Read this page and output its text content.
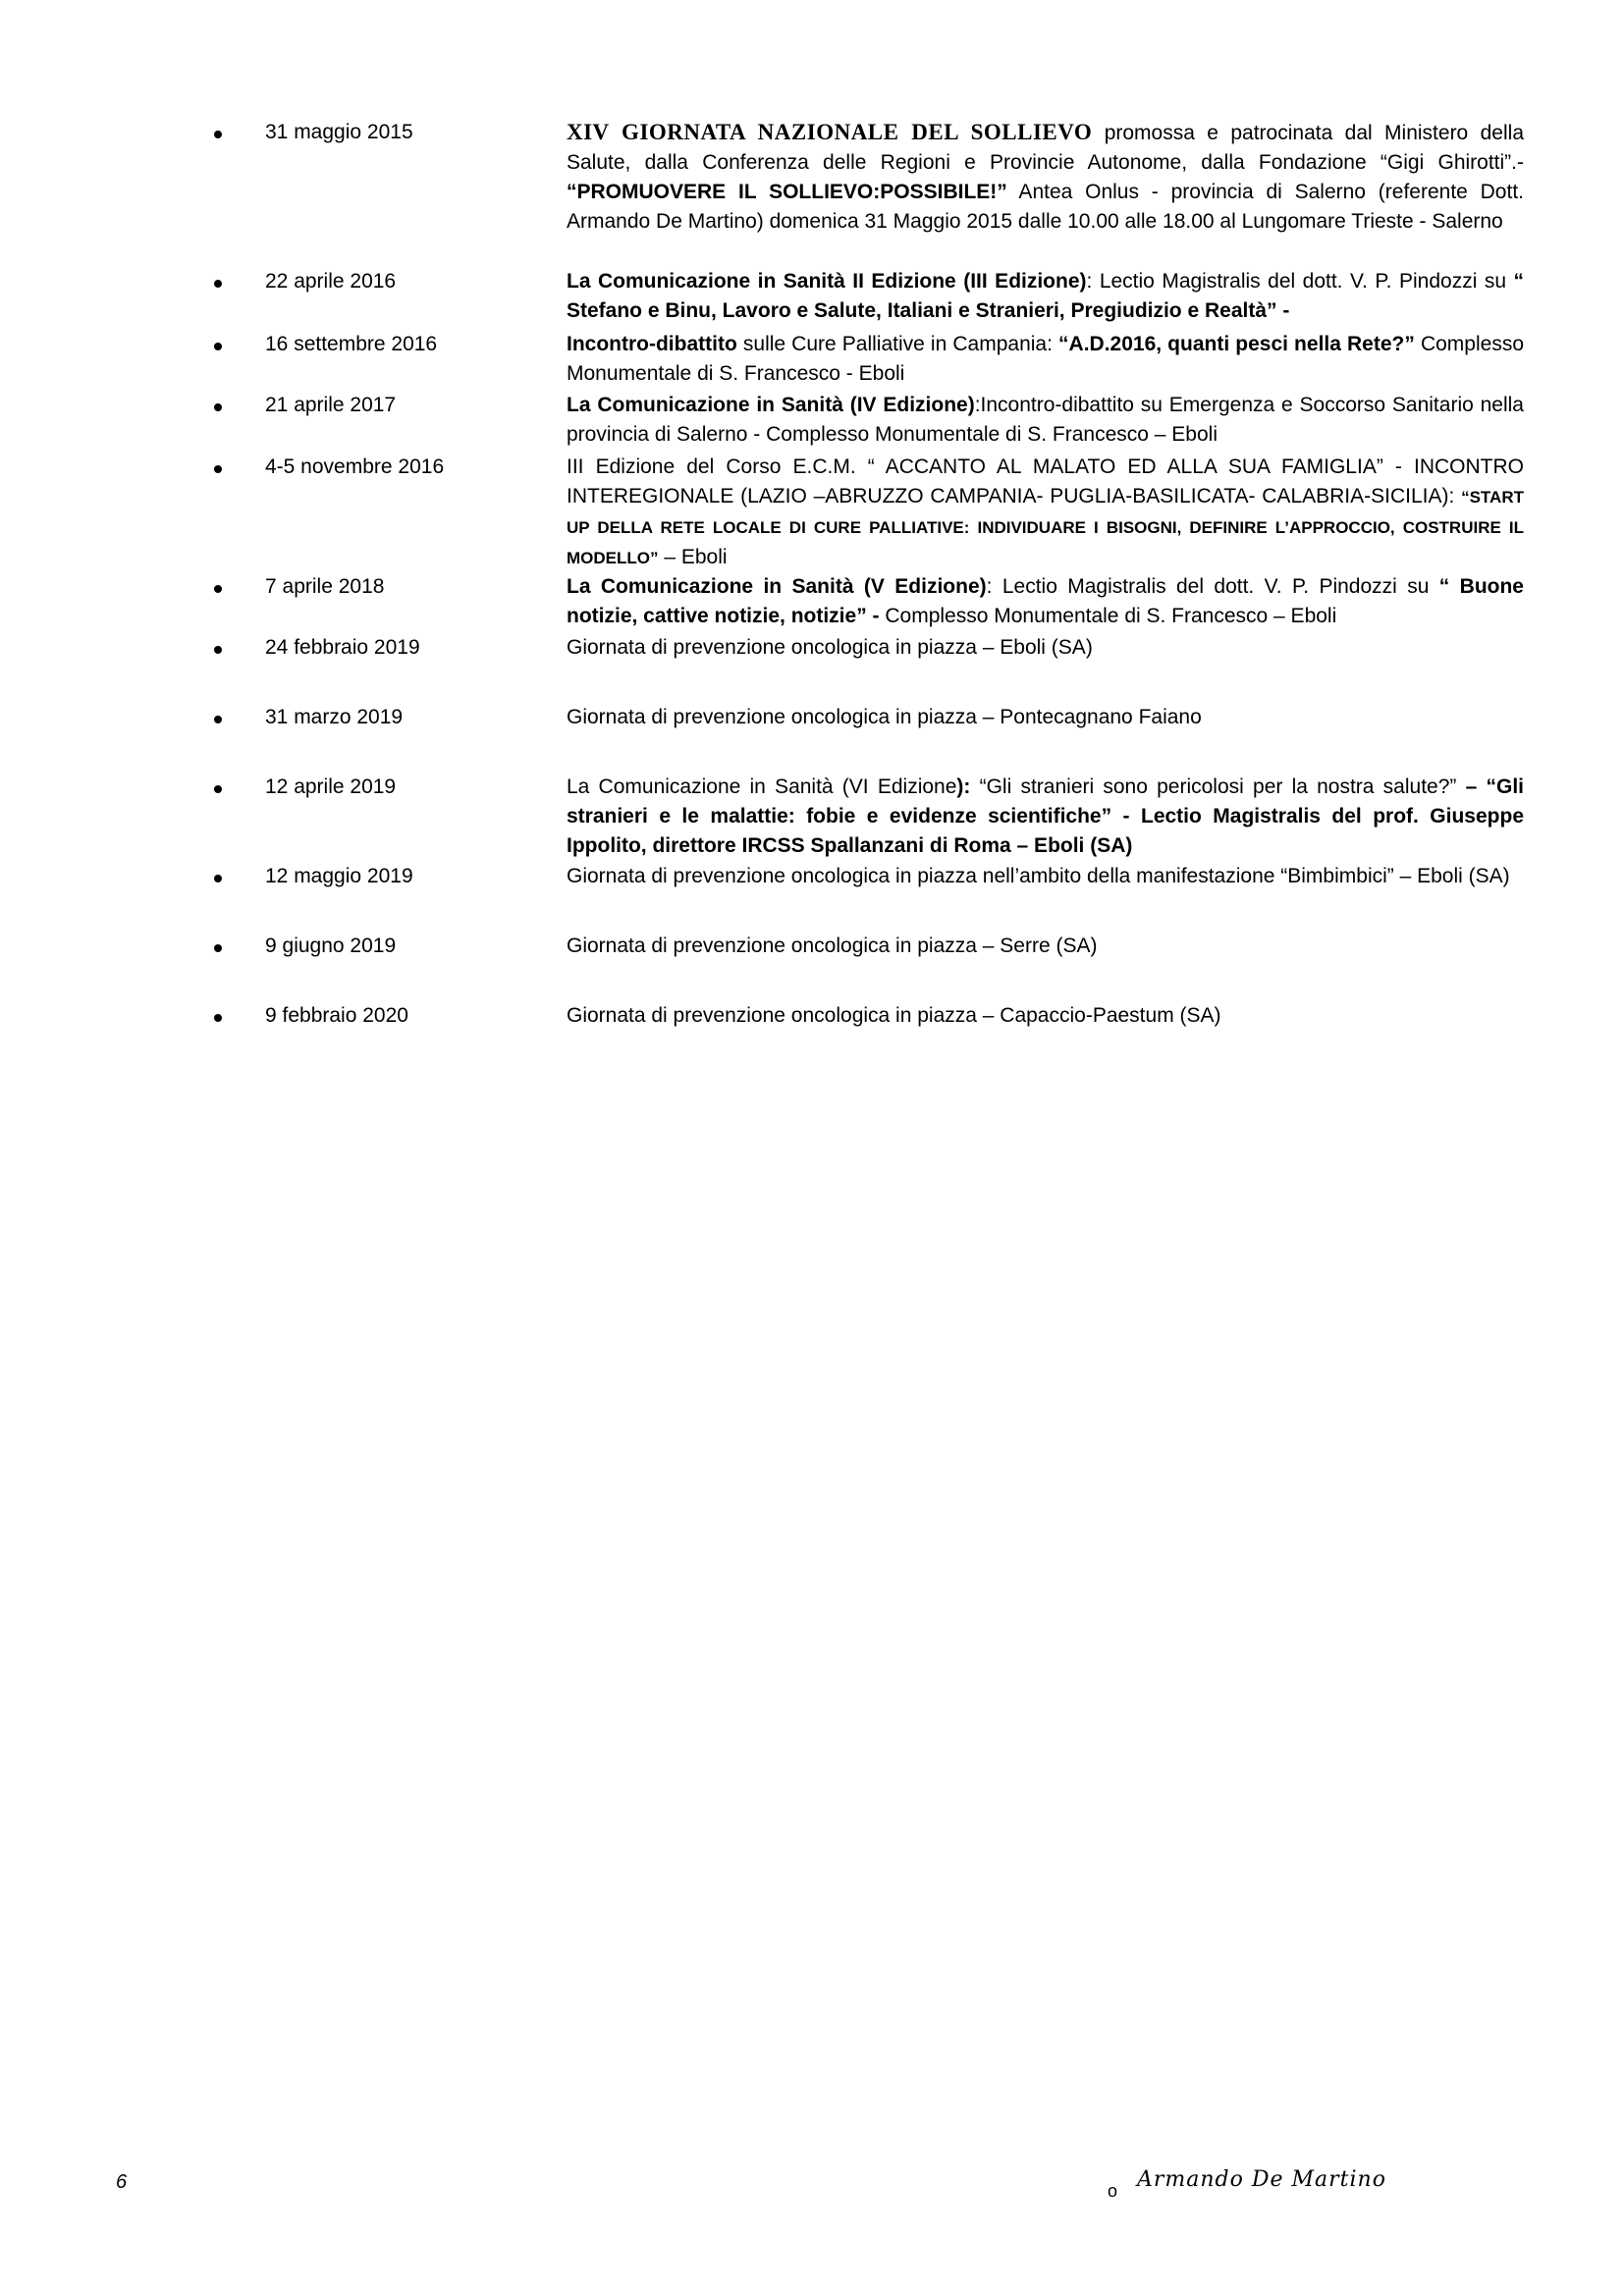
31 maggio 2015	XIV GIORNATA NAZIONALE DEL SOLLIEVO promossa e patrocinata dal Ministero della Salute, dalla Conferenza delle Regioni e Provincie Autonome, dalla Fondazione “Gigi Ghirotti”.- “PROMUOVERE IL SOLLIEVO:POSSIBILE!” Antea Onlus - provincia di Salerno (referente Dott. Armando De Martino) domenica 31 Maggio 2015 dalle 10.00 alle 18.00 al Lungomare Trieste - Salerno
22 aprile 2016	La Comunicazione in Sanità II Edizione (III Edizione): Lectio Magistralis del dott. V. P. Pindozzi su “ Stefano e Binu, Lavoro e Salute, Italiani e Stranieri, Pregiudizio e Realtà” -
16 settembre 2016	Incontro-dibattito sulle Cure Palliative in Campania: “A.D.2016, quanti pesci nella Rete?” Complesso Monumentale di S. Francesco - Eboli
21 aprile 2017	La Comunicazione in Sanità (IV Edizione):Incontro-dibattito su Emergenza e Soccorso Sanitario nella provincia di Salerno - Complesso Monumentale di S. Francesco – Eboli
4-5 novembre 2016	III Edizione del Corso E.C.M. “ ACCANTO AL MALATO ED ALLA SUA FAMIGLIA” - INCONTRO INTEREGIONALE (LAZIO –ABRUZZO CAMPANIA- PUGLIA-BASILICATA- CALABRIA-SICILIA): “START UP DELLA RETE LOCALE DI CURE PALLIATIVE: INDIVIDUARE I BISOGNI, DEFINIRE L’APPROCCIO, COSTRUIRE IL MODELLO” – Eboli
7 aprile 2018	La Comunicazione in Sanità (V Edizione): Lectio Magistralis del dott. V. P. Pindozzi su “ Buone notizie, cattive notizie, notizie” - Complesso Monumentale di S. Francesco – Eboli
24 febbraio 2019	Giornata di prevenzione oncologica in piazza – Eboli (SA)
31 marzo 2019	Giornata di prevenzione oncologica in piazza – Pontecagnano Faiano
12 aprile 2019	La Comunicazione in Sanità (VI Edizione): “Gli stranieri sono pericolosi per la nostra salute?” – “Gli stranieri e le malattie: fobie e evidenze scientifiche” - Lectio Magistralis del prof. Giuseppe Ippolito, direttore IRCSS Spallanzani di Roma – Eboli (SA)
12 maggio 2019	Giornata di prevenzione oncologica in piazza nell’ambito della manifestazione “Bimbimbici” – Eboli (SA)
9 giugno 2019	Giornata di prevenzione oncologica in piazza – Serre (SA)
9 febbraio 2020	Giornata di prevenzione oncologica in piazza – Capaccio-Paestum (SA)
6	o Armando De Martino
